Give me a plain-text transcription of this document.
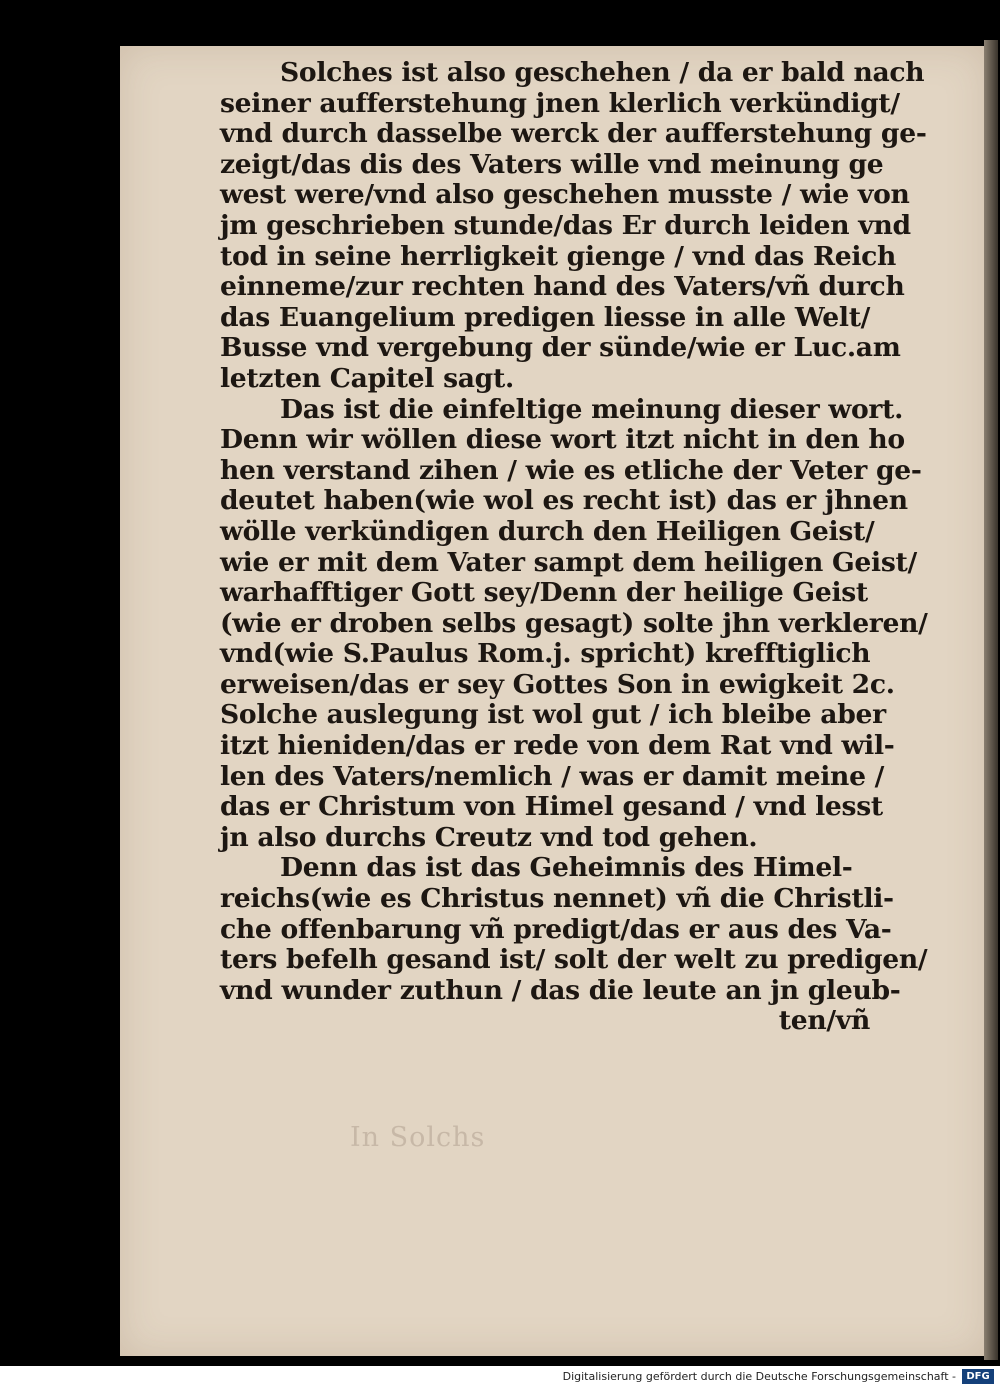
In Solchs
Solches ist also geschehen / da er bald nach
seiner aufferstehung jnen klerlich verkündigt/
vnd durch dasselbe werck der aufferstehung ge-
zeigt/das dis des Vaters wille vnd meinung ge
west were/vnd also geschehen musste / wie von
jm geschrieben stunde/das Er durch leiden vnd
tod in seine herrligkeit gienge / vnd das Reich
einneme/zur rechten hand des Vaters/vñ durch
das Euangelium predigen liesse in alle Welt/
Busse vnd vergebung der sünde/wie er Luc.am
letzten Capitel sagt.
Das ist die einfeltige meinung dieser wort.
Denn wir wöllen diese wort itzt nicht in den ho
hen verstand zihen / wie es etliche der Veter ge-
deutet haben(wie wol es recht ist) das er jhnen
wölle verkündigen durch den Heiligen Geist/
wie er mit dem Vater sampt dem heiligen Geist/
warhafftiger Gott sey/Denn der heilige Geist
(wie er droben selbs gesagt) solte jhn verkleren/
vnd(wie S.Paulus Rom.j. spricht) krefftiglich
erweisen/das er sey Gottes Son in ewigkeit 2c.
Solche auslegung ist wol gut / ich bleibe aber
itzt hieniden/das er rede von dem Rat vnd wil-
len des Vaters/nemlich / was er damit meine /
das er Christum von Himel gesand / vnd lesst
jn also durchs Creutz vnd tod gehen.
Denn das ist das Geheimnis des Himel-
reichs(wie es Christus nennet) vñ die Christli-
che offenbarung vñ predigt/das er aus des Va-
ters befelh gesand ist/ solt der welt zu predigen/
vnd wunder zuthun / das die leute an jn gleub-
ten/vñ
Digitalisierung gefördert durch die Deutsche Forschungsgemeinschaft -	DFG
